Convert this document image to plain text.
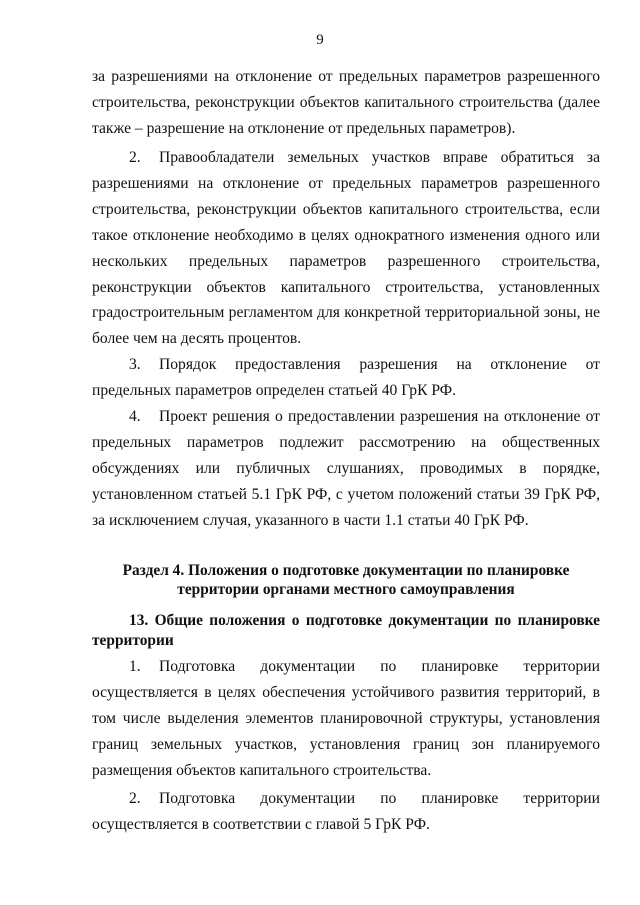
9

за разрешениями на отклонение от предельных параметров разрешенного строительства, реконструкции объектов капитального строительства (далее также – разрешение на отклонение от предельных параметров).

2. Правообладатели земельных участков вправе обратиться за разрешениями на отклонение от предельных параметров разрешенного строительства, реконструкции объектов капитального строительства, если такое отклонение необходимо в целях однократного изменения одного или нескольких предельных параметров разрешенного строительства, реконструкции объектов капитального строительства, установленных градостроительным регламентом для конкретной территориальной зоны, не более чем на десять процентов.

3. Порядок предоставления разрешения на отклонение от предельных параметров определен статьей 40 ГрК РФ.

4. Проект решения о предоставлении разрешения на отклонение от предельных параметров подлежит рассмотрению на общественных обсуждениях или публичных слушаниях, проводимых в порядке, установленном статьей 5.1 ГрК РФ, с учетом положений статьи 39 ГрК РФ, за исключением случая, указанного в части 1.1 статьи 40 ГрК РФ.

Раздел 4. Положения о подготовке документации по планировке территории органами местного самоуправления

13. Общие положения о подготовке документации по планировке территории

1. Подготовка документации по планировке территории осуществляется в целях обеспечения устойчивого развития территорий, в том числе выделения элементов планировочной структуры, установления границ земельных участков, установления границ зон планируемого размещения объектов капитального строительства.

2. Подготовка документации по планировке территории осуществляется в соответствии с главой 5 ГрК РФ.
